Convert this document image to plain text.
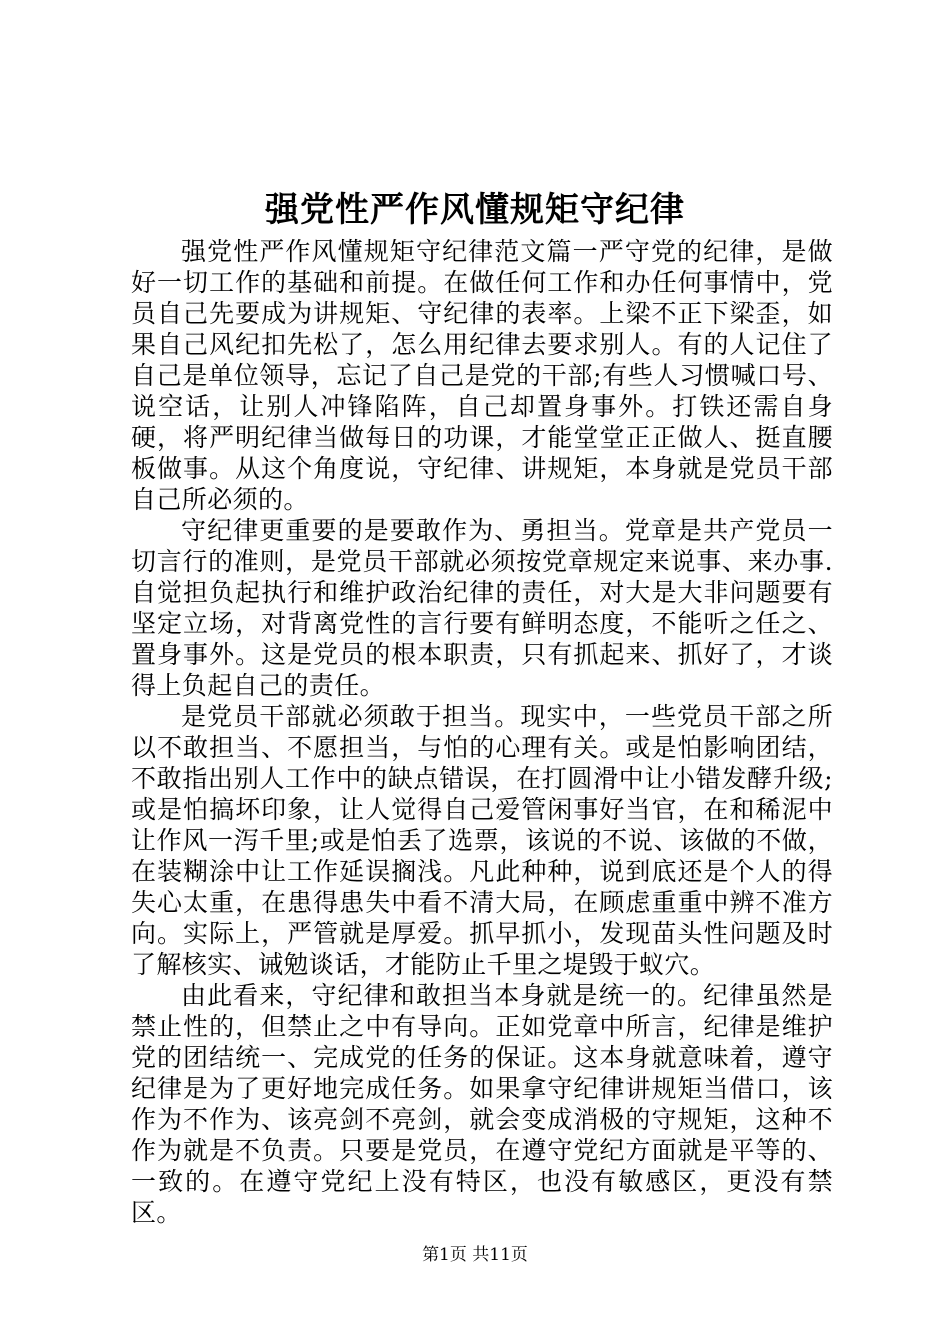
强党性严作风懂规矩守纪律

强党性严作风懂规矩守纪律范文篇一严守党的纪律，是做好一切工作的基础和前提。在做任何工作和办任何事情中，党员自己先要成为讲规矩、守纪律的表率。上梁不正下梁歪，如果自己风纪扣先松了，怎么用纪律去要求别人。有的人记住了自己是单位领导，忘记了自己是党的干部;有些人习惯喊口号、说空话，让别人冲锋陷阵，自己却置身事外。打铁还需自身硬，将严明纪律当做每日的功课，才能堂堂正正做人、挺直腰板做事。从这个角度说，守纪律、讲规矩，本身就是党员干部自己所必须的。

守纪律更重要的是要敢作为、勇担当。党章是共产党员一切言行的准则，是党员干部就必须按党章规定来说事、来办事.自觉担负起执行和维护政治纪律的责任，对大是大非问题要有坚定立场，对背离党性的言行要有鲜明态度，不能听之任之、置身事外。这是党员的根本职责，只有抓起来、抓好了，才谈得上负起自己的责任。

是党员干部就必须敢于担当。现实中，一些党员干部之所以不敢担当、不愿担当，与怕的心理有关。或是怕影响团结，不敢指出别人工作中的缺点错误，在打圆滑中让小错发酵升级;或是怕搞坏印象，让人觉得自己爱管闲事好当官，在和稀泥中让作风一泻千里;或是怕丢了选票，该说的不说、该做的不做，在装糊涂中让工作延误搁浅。凡此种种，说到底还是个人的得失心太重，在患得患失中看不清大局，在顾虑重重中辨不准方向。实际上，严管就是厚爱。抓早抓小，发现苗头性问题及时了解核实、诫勉谈话，才能防止千里之堤毁于蚁穴。

由此看来，守纪律和敢担当本身就是统一的。纪律虽然是禁止性的，但禁止之中有导向。正如党章中所言，纪律是维护党的团结统一、完成党的任务的保证。这本身就意味着，遵守纪律是为了更好地完成任务。如果拿守纪律讲规矩当借口，该作为不作为、该亮剑不亮剑，就会变成消极的守规矩，这种不作为就是不负责。只要是党员，在遵守党纪方面就是平等的、一致的。在遵守党纪上没有特区，也没有敏感区，更没有禁区。

第1页 共11页
